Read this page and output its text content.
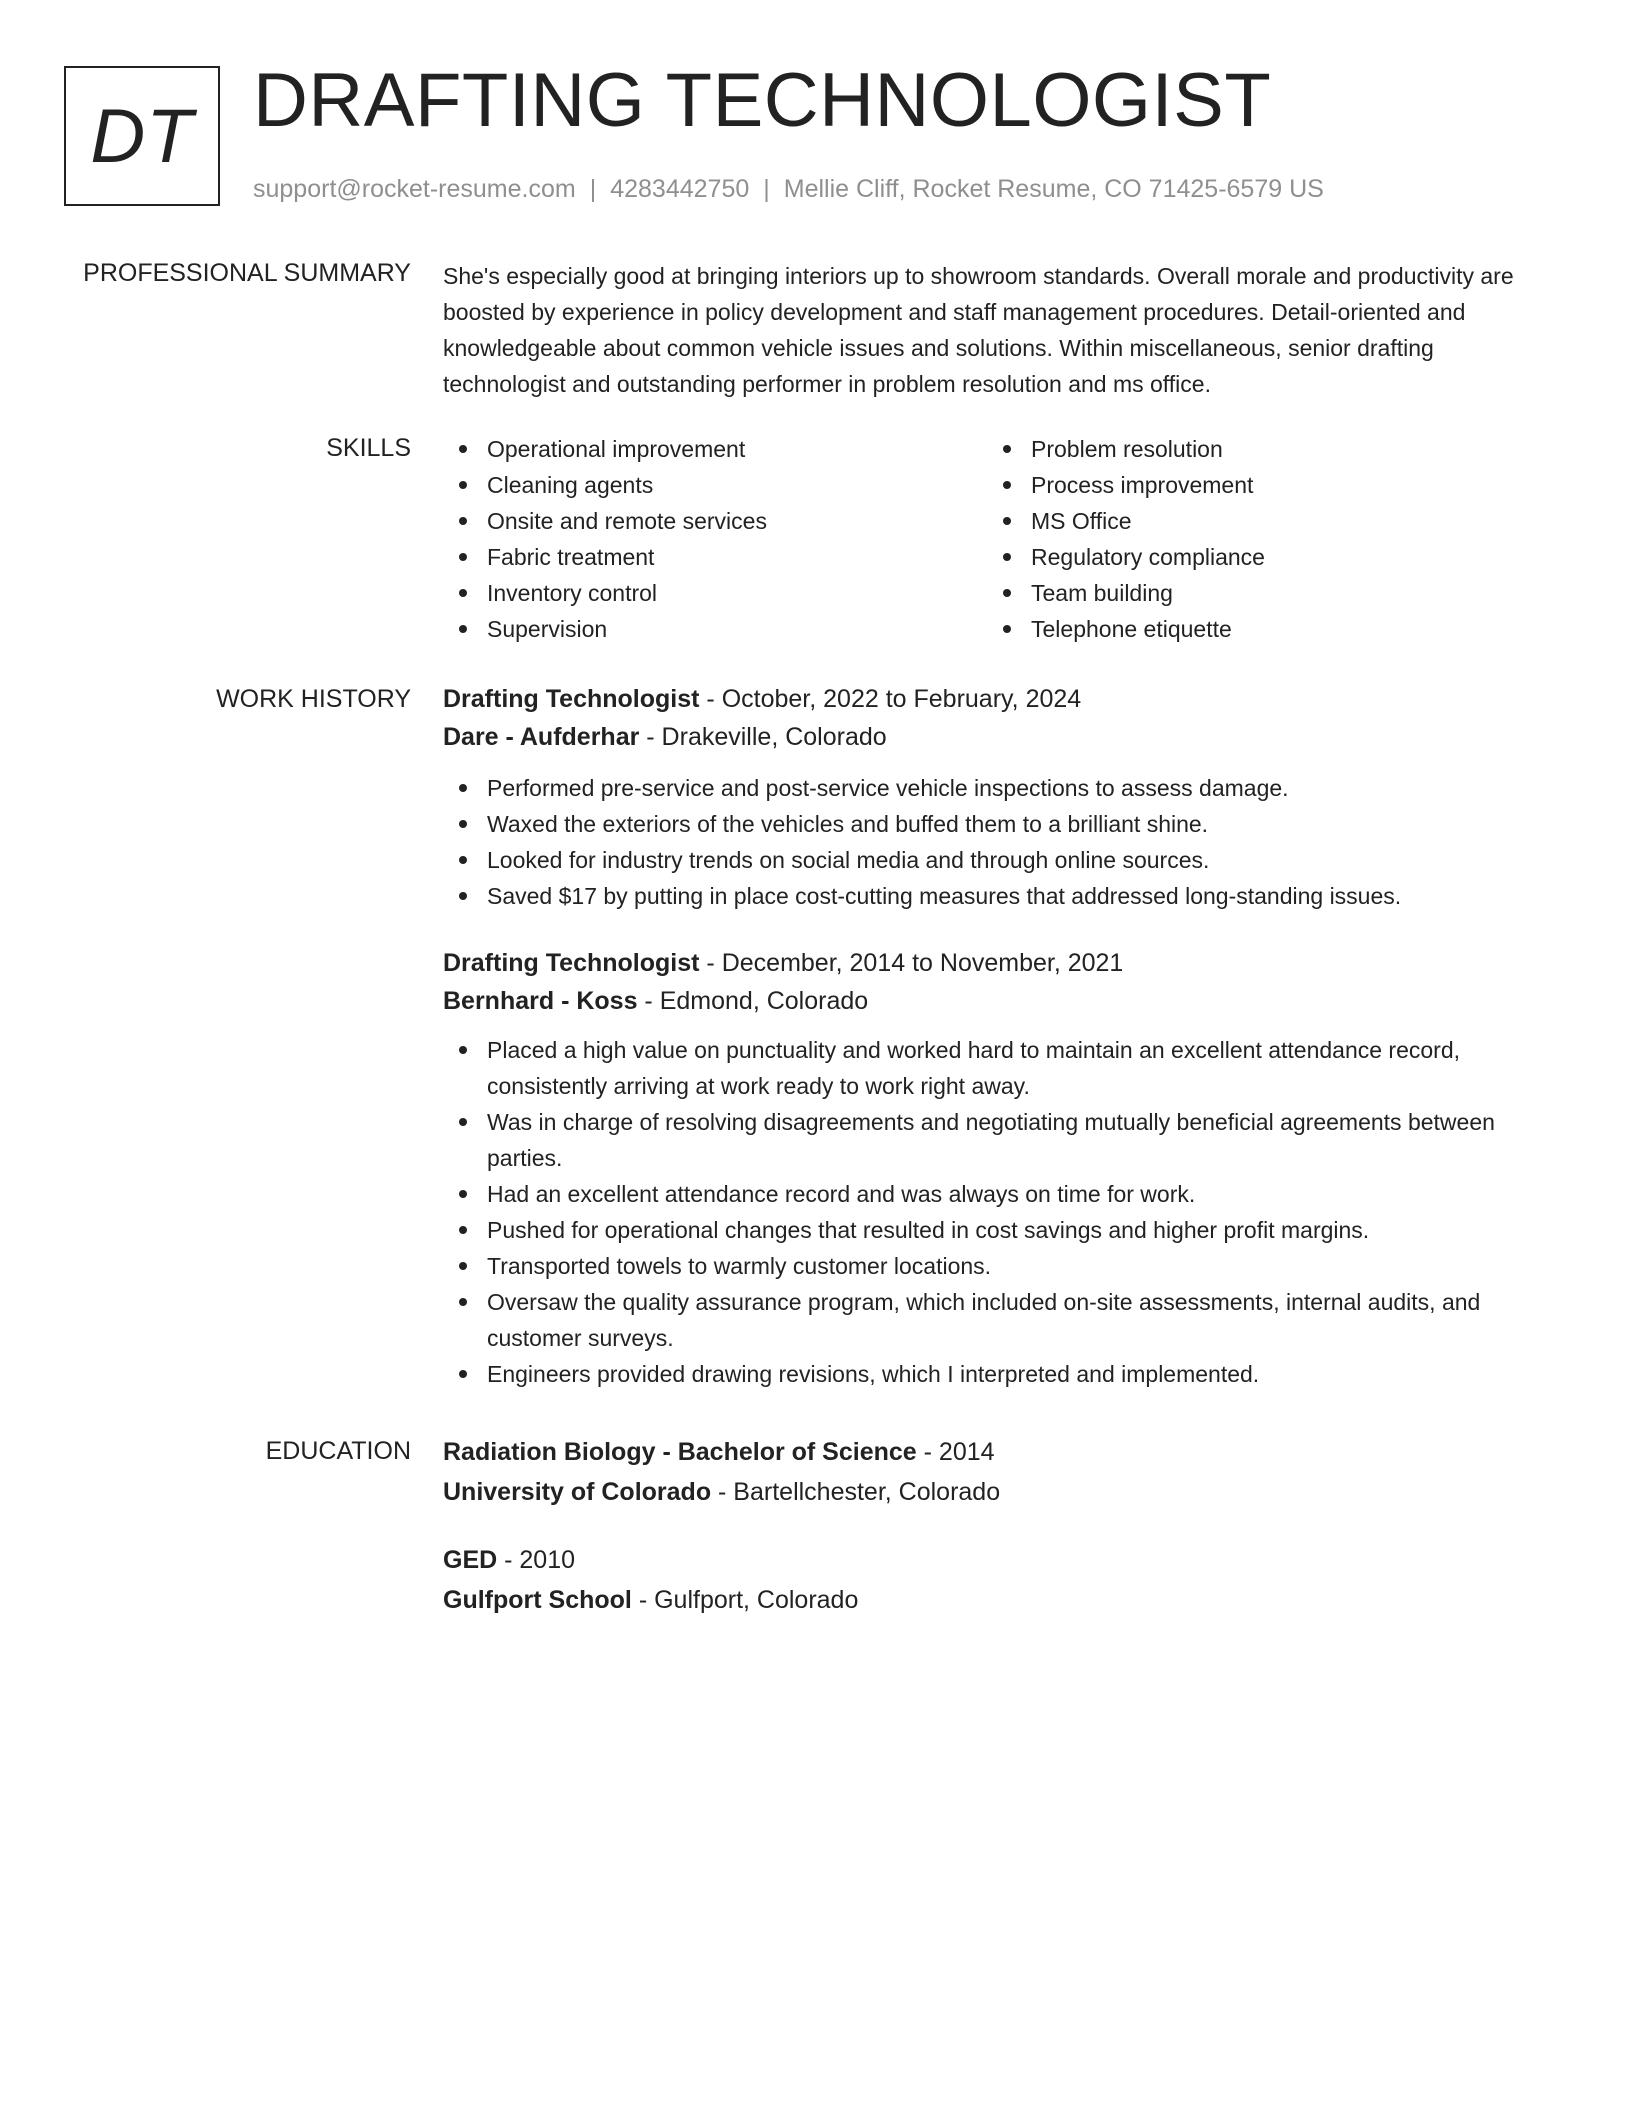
DT DRAFTING TECHNOLOGIST
support@rocket-resume.com | 4283442750 | Mellie Cliff, Rocket Resume, CO 71425-6579 US
PROFESSIONAL SUMMARY She's especially good at bringing interiors up to showroom standards. Overall morale and productivity are boosted by experience in policy development and staff management procedures. Detail-oriented and knowledgeable about common vehicle issues and solutions. Within miscellaneous, senior drafting technologist and outstanding performer in problem resolution and ms office.

SKILLS	Operational improvement
Cleaning agents
Onsite and remote services
Fabric treatment
Inventory control
Supervision
Problem resolution
Process improvement
MS Office
Regulatory compliance
Team building
Telephone etiquette
WORK HISTORY Drafting Technologist - October, 2022 to February, 2024
Dare - Aufderhar - Drakeville, Colorado
Performed pre-service and post-service vehicle inspections to assess damage.
Waxed the exteriors of the vehicles and buffed them to a brilliant shine.
Looked for industry trends on social media and through online sources.
Saved $17 by putting in place cost-cutting measures that addressed long-standing issues.
Drafting Technologist - December, 2014 to November, 2021
Bernhard - Koss - Edmond, Colorado
Placed a high value on punctuality and worked hard to maintain an excellent attendance record, consistently arriving at work ready to work right away.
Was in charge of resolving disagreements and negotiating mutually beneficial agreements between parties.
Had an excellent attendance record and was always on time for work.
Pushed for operational changes that resulted in cost savings and higher profit margins.
Transported towels to warmly customer locations.
Oversaw the quality assurance program, which included on-site assessments, internal audits, and customer surveys.
Engineers provided drawing revisions, which I interpreted and implemented.
EDUCATION Radiation Biology - Bachelor of Science - 2014
University of Colorado - Bartellchester, Colorado
GED - 2010
Gulfport School - Gulfport, Colorado
